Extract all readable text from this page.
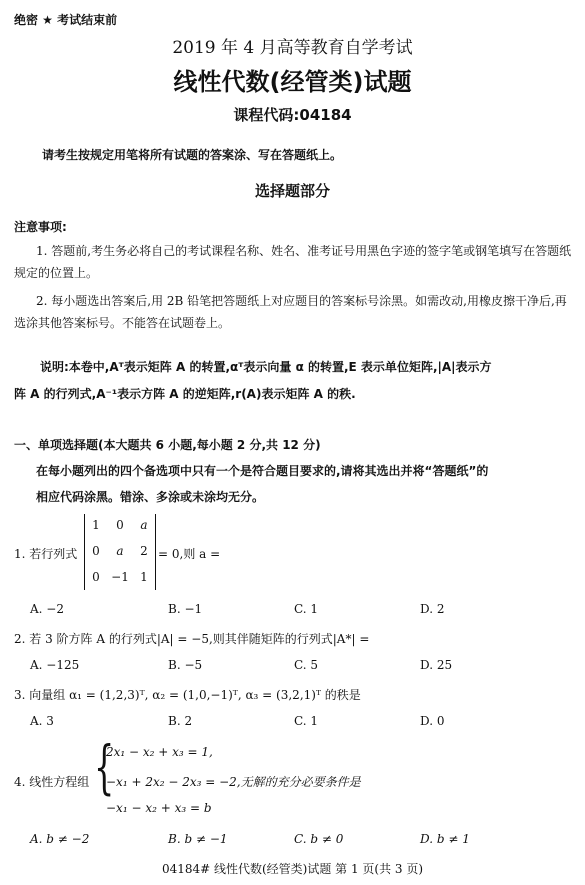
绝密 ★ 考试结束前
2019 年 4 月高等教育自学考试
线性代数(经管类)试题
课程代码:04184
请考生按规定用笔将所有试题的答案涂、写在答题纸上。
选择题部分
注意事项:
1. 答题前,考生务必将自己的考试课程名称、姓名、准考证号用黑色字迹的签字笔或钢笔填写在答题纸规定的位置上。
2. 每小题选出答案后,用 2B 铅笔把答题纸上对应题目的答案标号涂黑。如需改动,用橡皮擦干净后,再选涂其他答案标号。不能答在试题卷上。
说明:本卷中,Aᵀ表示矩阵 A 的转置,αᵀ表示向量 α 的转置,E 表示单位矩阵,|A|表示方
阵 A 的行列式,A⁻¹表示方阵 A 的逆矩阵,r(A)表示矩阵 A 的秩.
一、单项选择题(本大题共 6 小题,每小题 2 分,共 12 分)
在每小题列出的四个备选项中只有一个是符合题目要求的,请将其选出并将“答题纸”的
相应代码涂黑。错涂、多涂或未涂均无分。
1. 若行列式
1	0	a
0	a	2
0 −1 1
= 0,则 a =
A. −2	B. −1	C. 1	D. 2
2. 若 3 阶方阵 A 的行列式|A| = −5,则其伴随矩阵的行列式|A*| =
A. −125	B. −5	C. 5	D. 25
3. 向量组 α₁ = (1,2,3)ᵀ, α₂ = (1,0,−1)ᵀ, α₃ = (3,2,1)ᵀ 的秩是
A. 3	B. 2	C. 1	D. 0
4. 线性方程组 {
2x₁ − x₂ + x₃ = 1,
−x₁ + 2x₂ − 2x₃ = −2,无解的充分必要条件是
−x₁ − x₂ + x₃ = b
A. b ≠ −2	B. b ≠ −1	C. b ≠ 0	D. b ≠ 1
04184# 线性代数(经管类)试题 第 1 页(共 3 页)
